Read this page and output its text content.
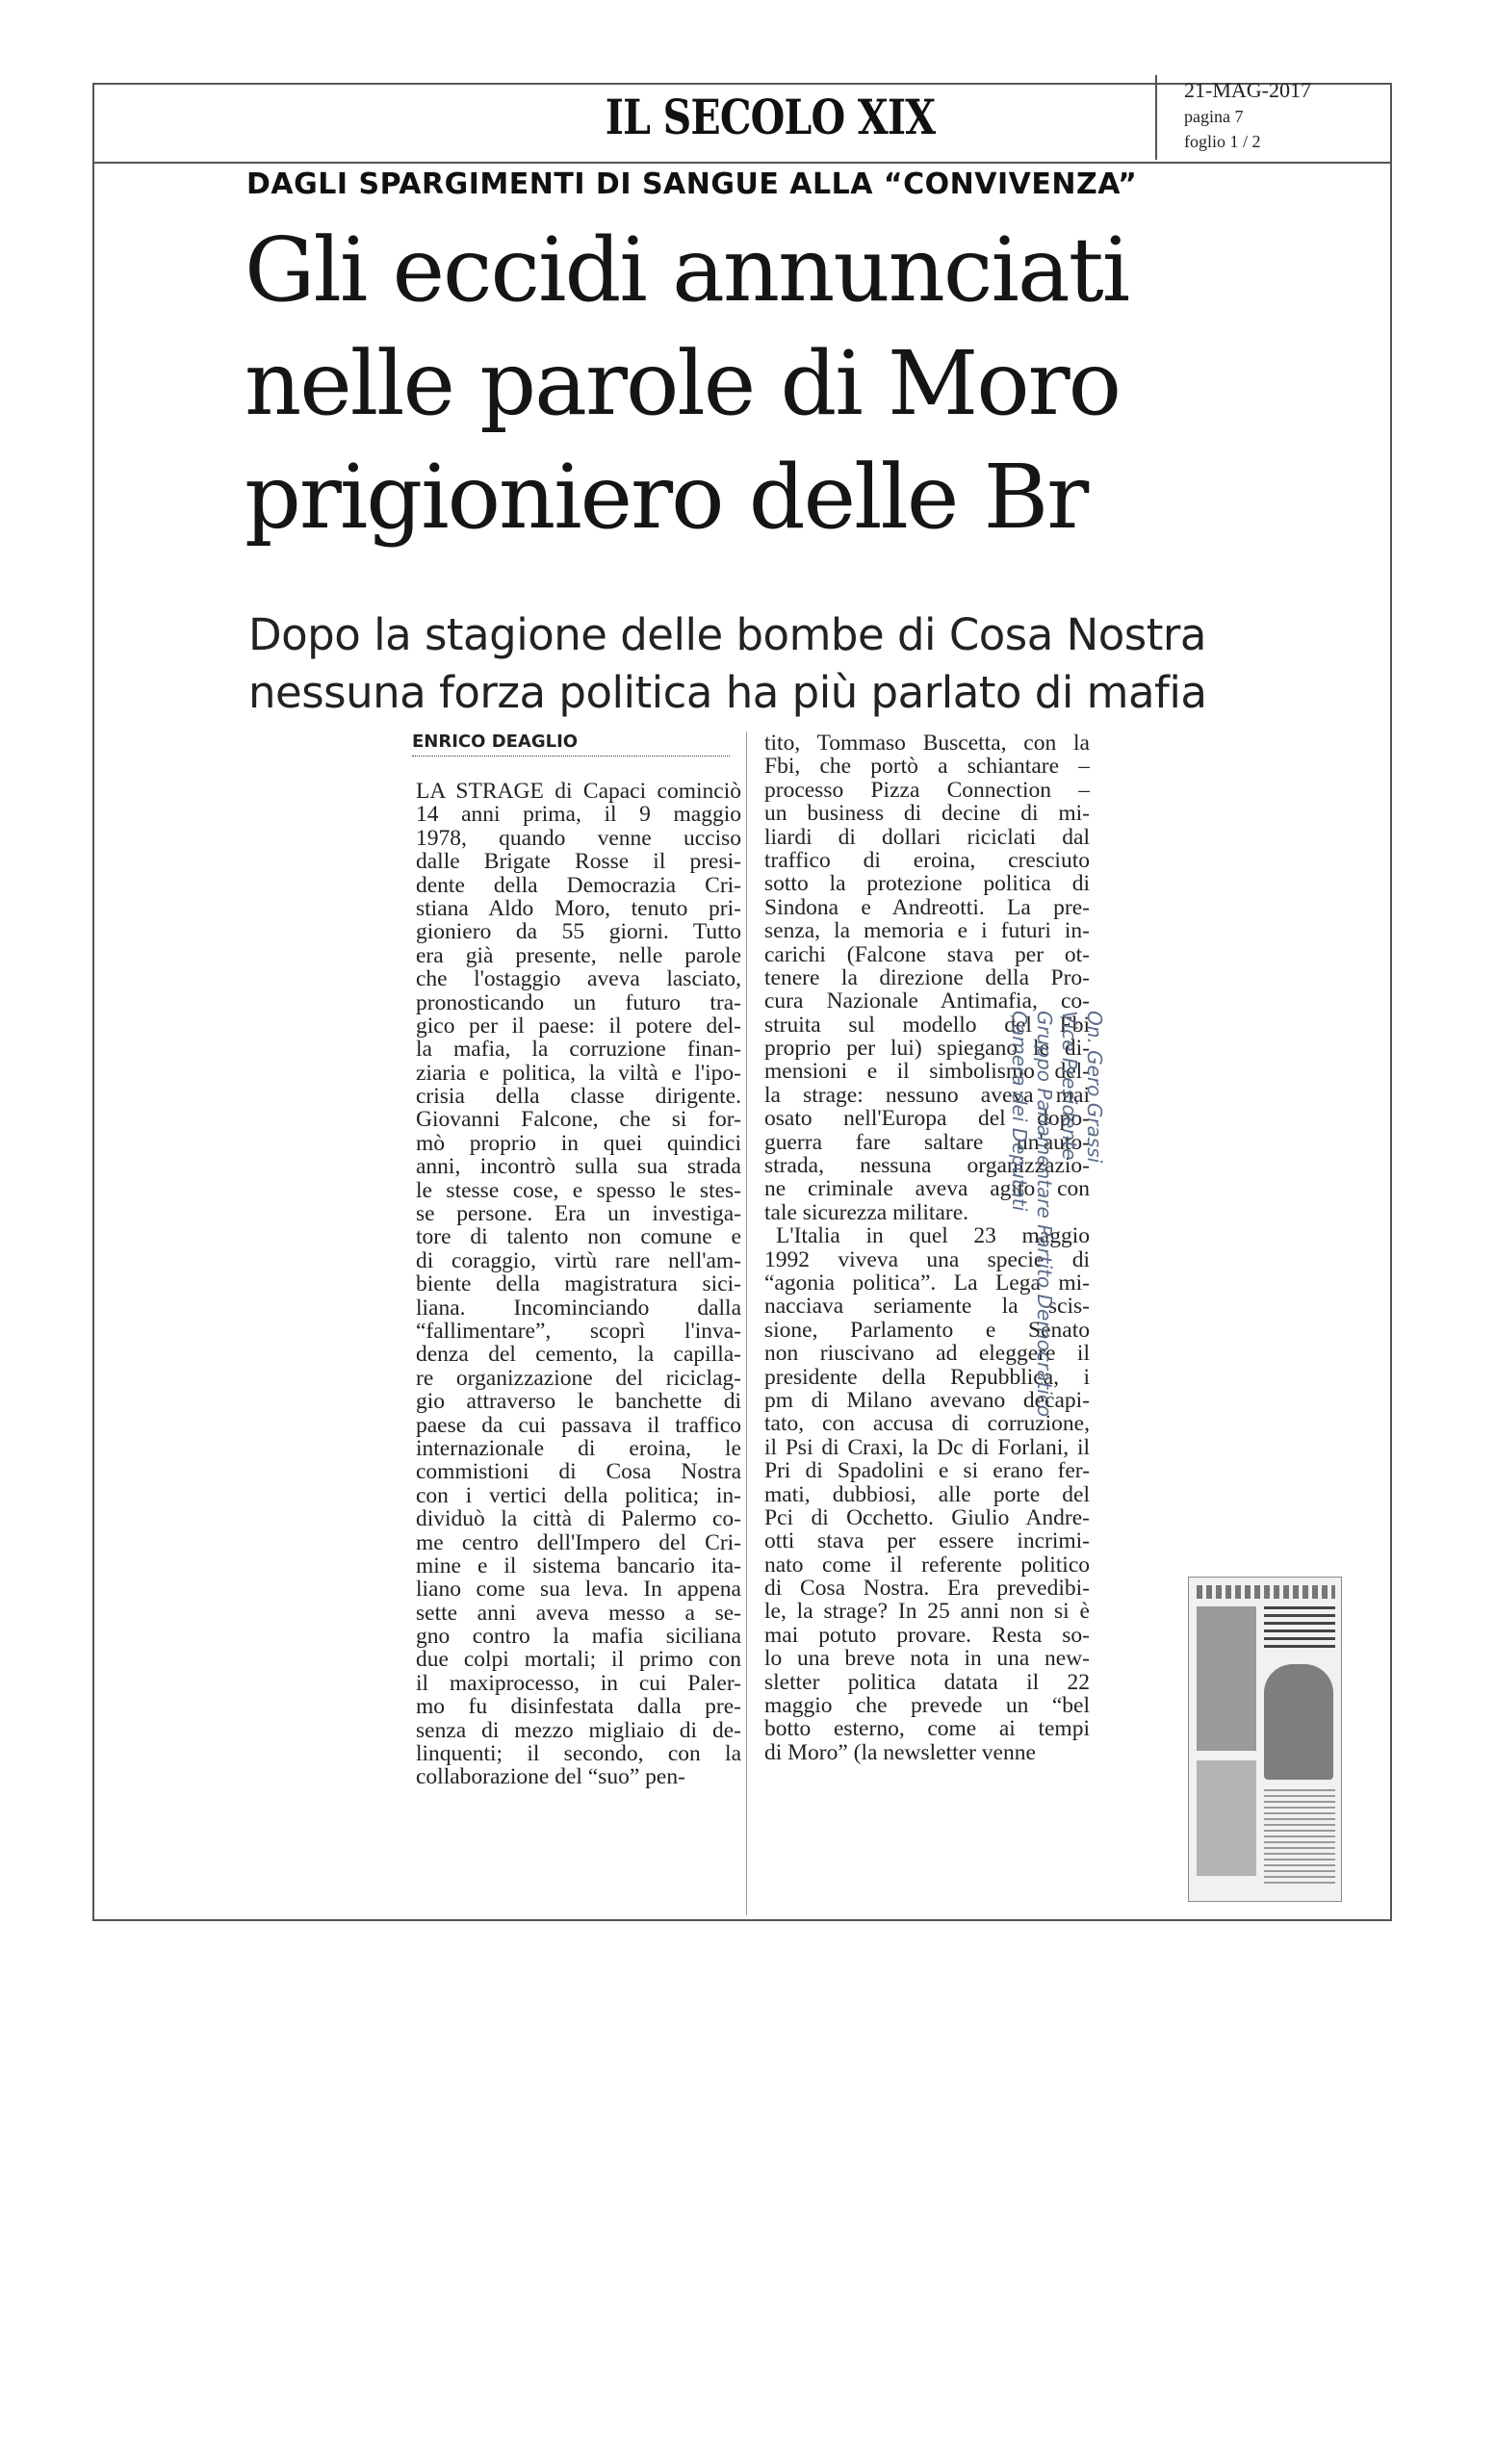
IL SECOLO XIX	21-MAG-2017
pagina 7
foglio 1 / 2
DAGLI SPARGIMENTI DI SANGUE ALLA “CONVIVENZA”
Gli eccidi annunciati
nelle parole di Moro
prigioniero delle Br
Dopo la stagione delle bombe di Cosa Nostra
nessuna forza politica ha più parlato di mafia
ENRICO DEAGLIO
LA STRAGE di Capaci cominciò
14 anni prima, il 9 maggio
1978, quando venne ucciso
dalle Brigate Rosse il presi-
dente della Democrazia Cri-
stiana Aldo Moro, tenuto pri-
gioniero da 55 giorni. Tutto
era già presente, nelle parole
che l'ostaggio aveva lasciato,
pronosticando un futuro tra-
gico per il paese: il potere del-
la mafia, la corruzione finan-
ziaria e politica, la viltà e l'ipo-
crisia della classe dirigente.
Giovanni Falcone, che si for-
mò proprio in quei quindici
anni, incontrò sulla sua strada
le stesse cose, e spesso le stes-
se persone. Era un investiga-
tore di talento non comune e
di coraggio, virtù rare nell'am-
biente della magistratura sici-
liana. Incominciando dalla
“fallimentare”, scoprì l'inva-
denza del cemento, la capilla-
re organizzazione del riciclag-
gio attraverso le banchette di
paese da cui passava il traffico
internazionale di eroina, le
commistioni di Cosa Nostra
con i vertici della politica; in-
dividuò la città di Palermo co-
me centro dell'Impero del Cri-
mine e il sistema bancario ita-
liano come sua leva. In appena
sette anni aveva messo a se-
gno contro la mafia siciliana
due colpi mortali; il primo con
il maxiprocesso, in cui Paler-
mo fu disinfestata dalla pre-
senza di mezzo migliaio di de-
linquenti; il secondo, con la
collaborazione del “suo” pen-
tito, Tommaso Buscetta, con la
Fbi, che portò a schiantare –
processo Pizza Connection –
un business di decine di mi-
liardi di dollari riciclati dal
traffico di eroina, cresciuto
sotto la protezione politica di
Sindona e Andreotti. La pre-
senza, la memoria e i futuri in-
carichi (Falcone stava per ot-
tenere la direzione della Pro-
cura Nazionale Antimafia, co-
struita sul modello del Fbi
proprio per lui) spiegano le di-
mensioni e il simbolismo del-
la strage: nessuno aveva mai
osato nell'Europa del dopo-
guerra fare saltare un'auto-
strada, nessuna organizzazio-
ne criminale aveva agito con
tale sicurezza militare.
L'Italia in quel 23 maggio
1992 viveva una specie di
“agonia politica”. La Lega mi-
nacciava seriamente la scis-
sione, Parlamento e Senato
non riuscivano ad eleggere il
presidente della Repubblica, i
pm di Milano avevano decapi-
tato, con accusa di corruzione,
il Psi di Craxi, la Dc di Forlani, il
Pri di Spadolini e si erano fer-
mati, dubbiosi, alle porte del
Pci di Occhetto. Giulio Andre-
otti stava per essere incrimi-
nato come il referente politico
di Cosa Nostra. Era prevedibi-
le, la strage? In 25 anni non si è
mai potuto provare. Resta so-
lo una breve nota in una new-
sletter politica datata il 22
maggio che prevede un “bel
botto esterno, come ai tempi
di Moro” (la newsletter venne
On. Gero Grassi
Vice Presidente
Gruppo Parlamentare Partito Democratico
Camera dei Deputati
